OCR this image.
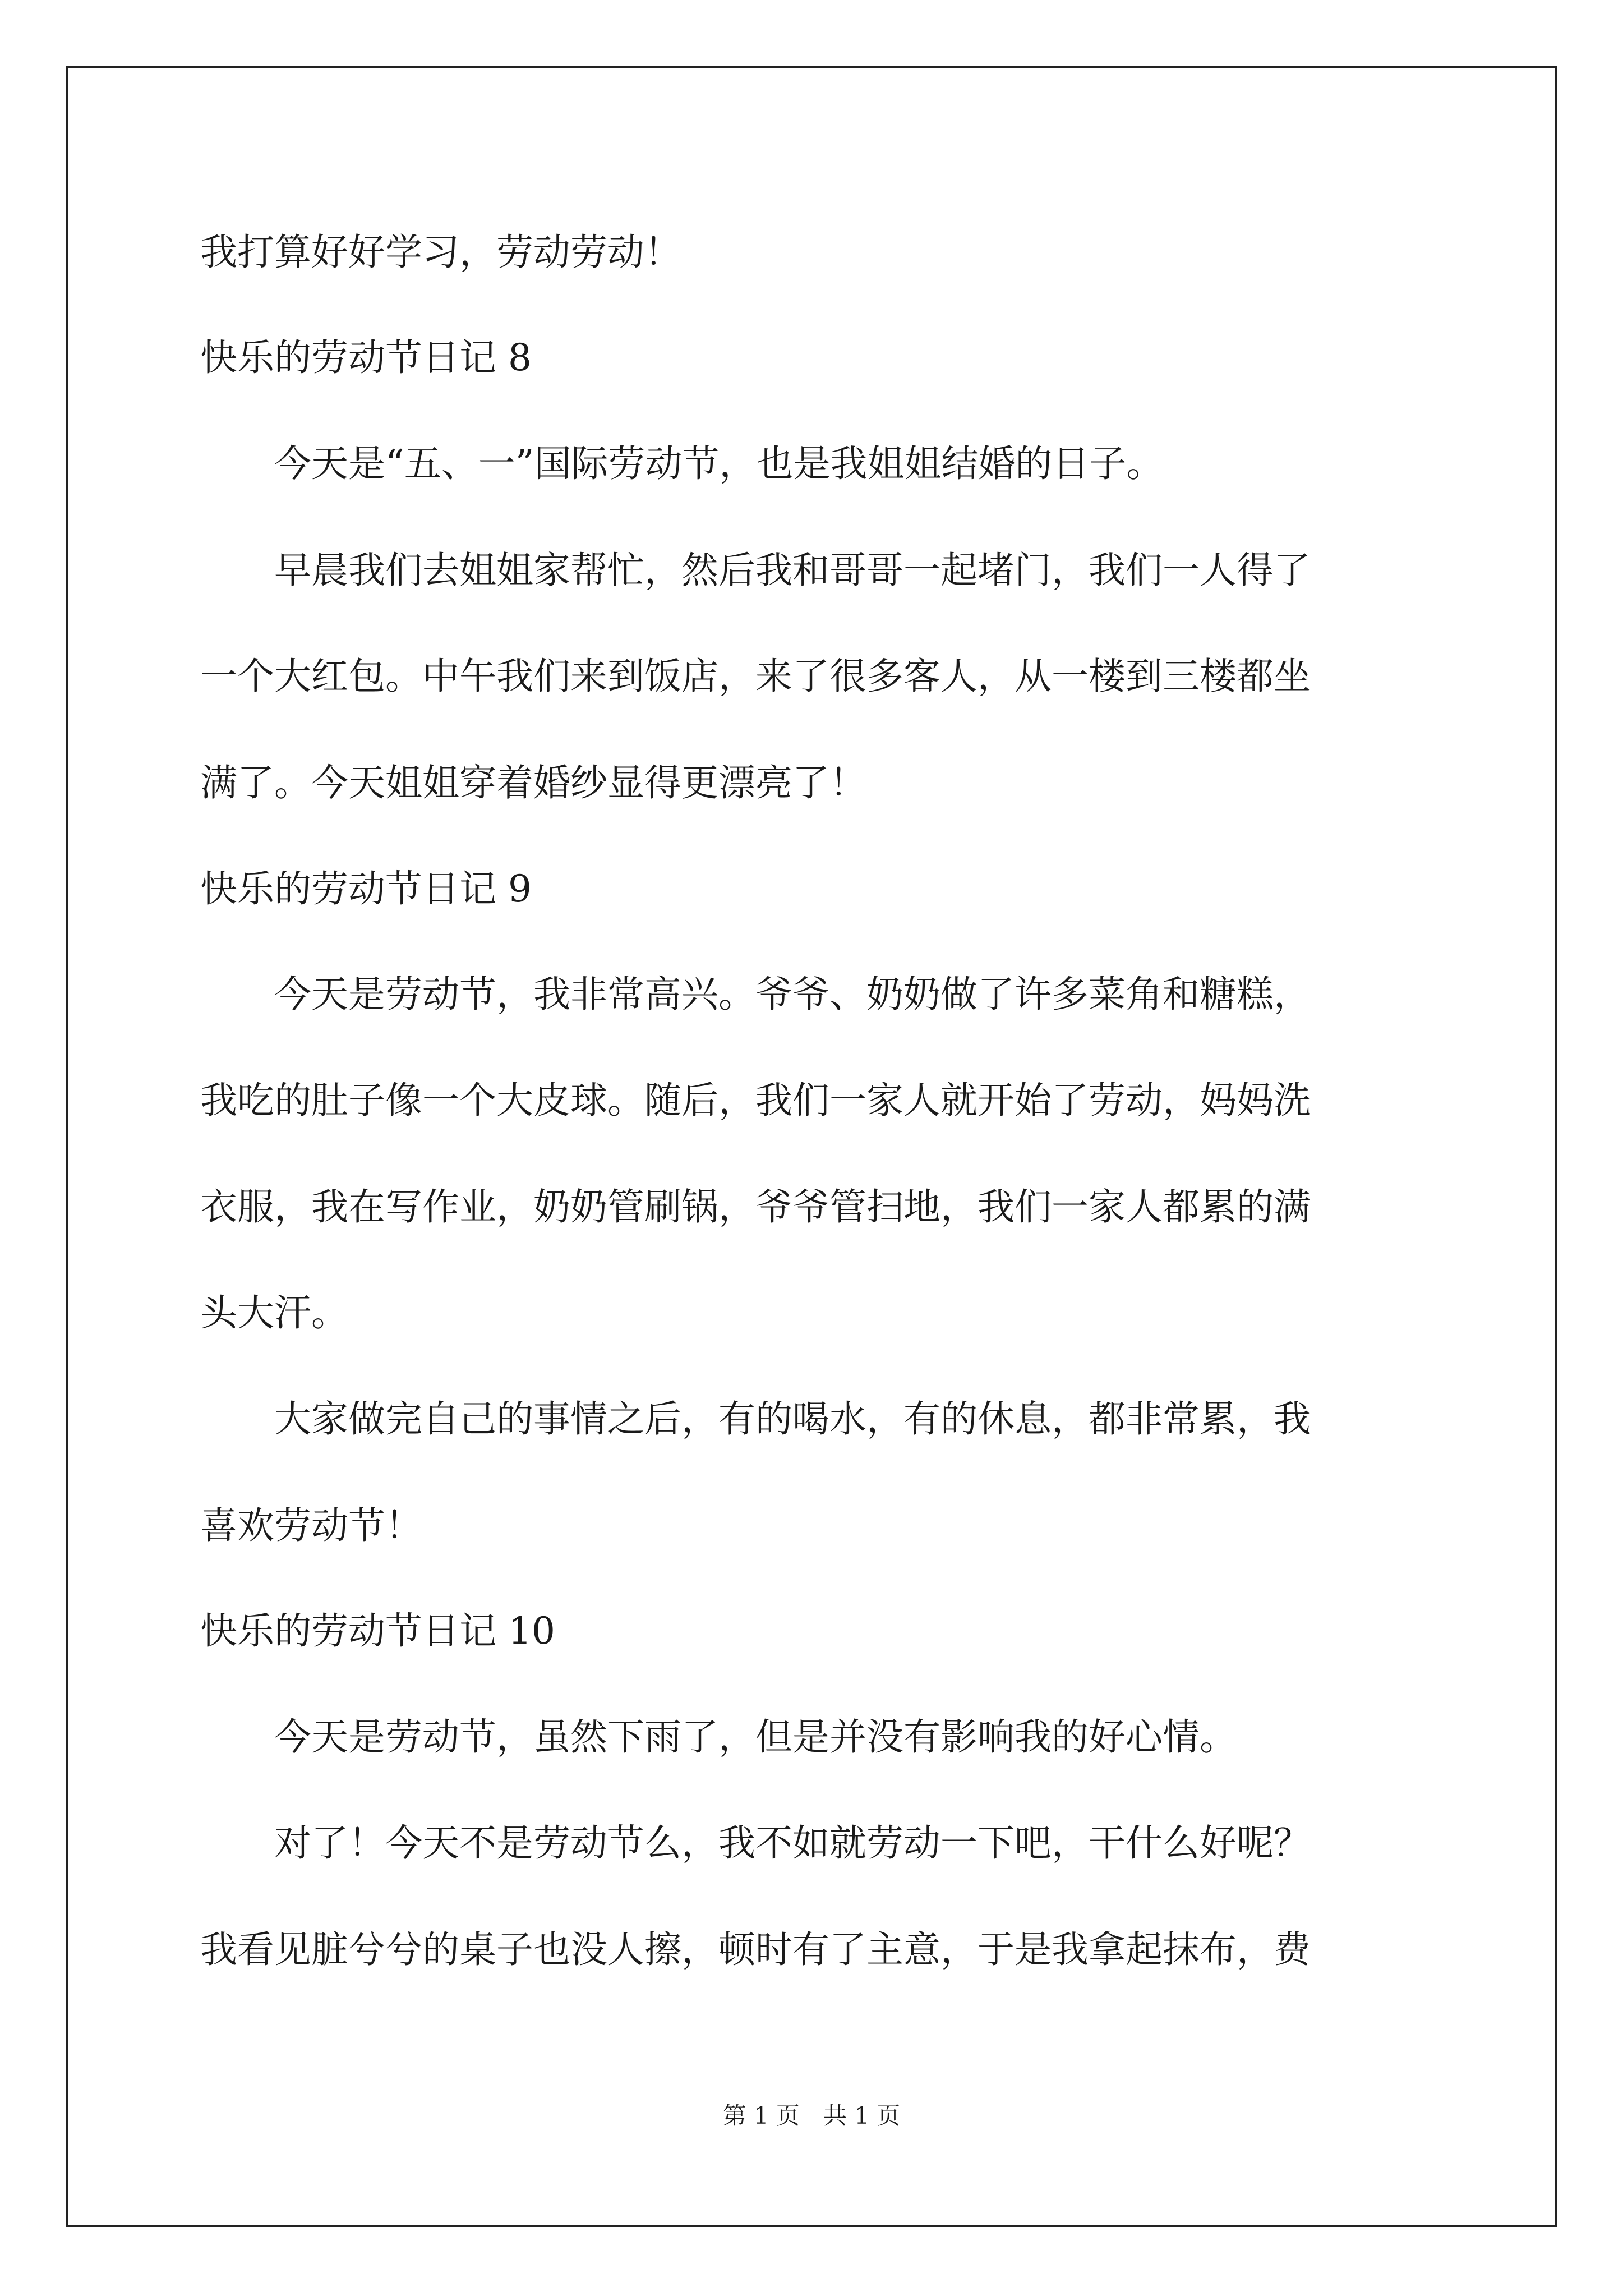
我打算好好学习，劳动劳动！
快乐的劳动节日记 8
　　今天是“五、一”国际劳动节，也是我姐姐结婚的日子。
　　早晨我们去姐姐家帮忙，然后我和哥哥一起堵门，我们一人得了
一个大红包。中午我们来到饭店，来了很多客人，从一楼到三楼都坐
满了。今天姐姐穿着婚纱显得更漂亮了！
快乐的劳动节日记 9
　　今天是劳动节，我非常高兴。爷爷、奶奶做了许多菜角和糖糕，
我吃的肚子像一个大皮球。随后，我们一家人就开始了劳动，妈妈洗
衣服，我在写作业，奶奶管刷锅，爷爷管扫地，我们一家人都累的满
头大汗。
　　大家做完自己的事情之后，有的喝水，有的休息，都非常累，我
喜欢劳动节！
快乐的劳动节日记 10
　　今天是劳动节，虽然下雨了，但是并没有影响我的好心情。
　　对了！今天不是劳动节么，我不如就劳动一下吧，干什么好呢？
我看见脏兮兮的桌子也没人擦，顿时有了主意，于是我拿起抹布，费
第 1 页　共 1 页
